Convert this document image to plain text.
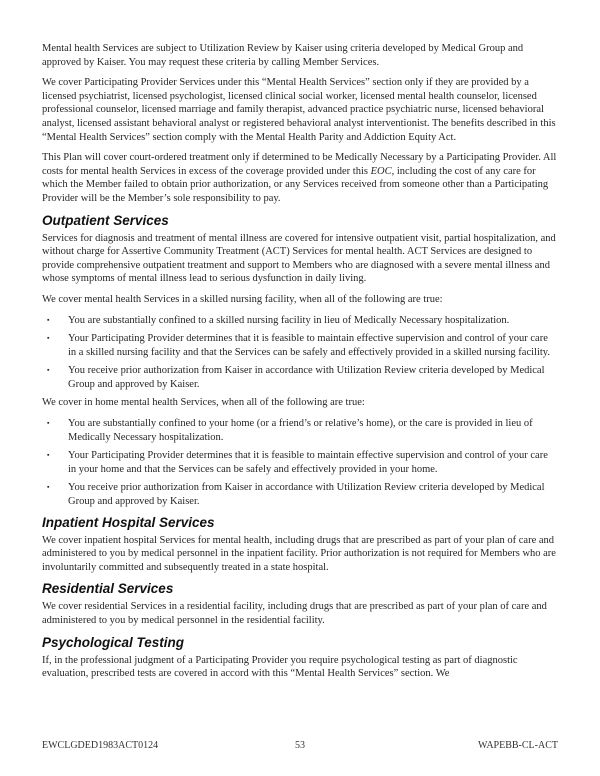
Mental health Services are subject to Utilization Review by Kaiser using criteria developed by Medical Group and approved by Kaiser. You may request these criteria by calling Member Services.

We cover Participating Provider Services under this “Mental Health Services” section only if they are provided by a licensed psychiatrist, licensed psychologist, licensed clinical social worker, licensed mental health counselor, licensed professional counselor, licensed marriage and family therapist, advanced practice psychiatric nurse, licensed behavioral analyst, licensed assistant behavioral analyst or registered behavioral analyst interventionist. The benefits described in this “Mental Health Services” section comply with the Mental Health Parity and Addiction Equity Act.

This Plan will cover court-ordered treatment only if determined to be Medically Necessary by a Participating Provider. All costs for mental health Services in excess of the coverage provided under this EOC, including the cost of any care for which the Member failed to obtain prior authorization, or any Services received from someone other than a Participating Provider will be the Member’s sole responsibility to pay.

Outpatient Services

Services for diagnosis and treatment of mental illness are covered for intensive outpatient visit, partial hospitalization, and without charge for Assertive Community Treatment (ACT) Services for mental health. ACT Services are designed to provide comprehensive outpatient treatment and support to Members who are diagnosed with a severe mental illness and whose symptoms of mental illness lead to serious dysfunction in daily living.

We cover mental health Services in a skilled nursing facility, when all of the following are true:

▪	You are substantially confined to a skilled nursing facility in lieu of Medically Necessary hospitalization.
▪	Your Participating Provider determines that it is feasible to maintain effective supervision and control of your care in a skilled nursing facility and that the Services can be safely and effectively provided in a skilled nursing facility.
▪	You receive prior authorization from Kaiser in accordance with Utilization Review criteria developed by Medical Group and approved by Kaiser.

We cover in home mental health Services, when all of the following are true:

▪	You are substantially confined to your home (or a friend’s or relative’s home), or the care is provided in lieu of Medically Necessary hospitalization.
▪	Your Participating Provider determines that it is feasible to maintain effective supervision and control of your care in your home and that the Services can be safely and effectively provided in your home.
▪	You receive prior authorization from Kaiser in accordance with Utilization Review criteria developed by Medical Group and approved by Kaiser.
Inpatient Hospital Services

We cover inpatient hospital Services for mental health, including drugs that are prescribed as part of your plan of care and administered to you by medical personnel in the inpatient facility. Prior authorization is not required for Members who are involuntarily committed and subsequently treated in a state hospital.

Residential Services

We cover residential Services in a residential facility, including drugs that are prescribed as part of your plan of care and administered to you by medical personnel in the residential facility.

Psychological Testing

If, in the professional judgment of a Participating Provider you require psychological testing as part of diagnostic evaluation, prescribed tests are covered in accord with this “Mental Health Services” section. We

EWCLGDED1983ACT0124	53	WAPEBB-CL-ACT
